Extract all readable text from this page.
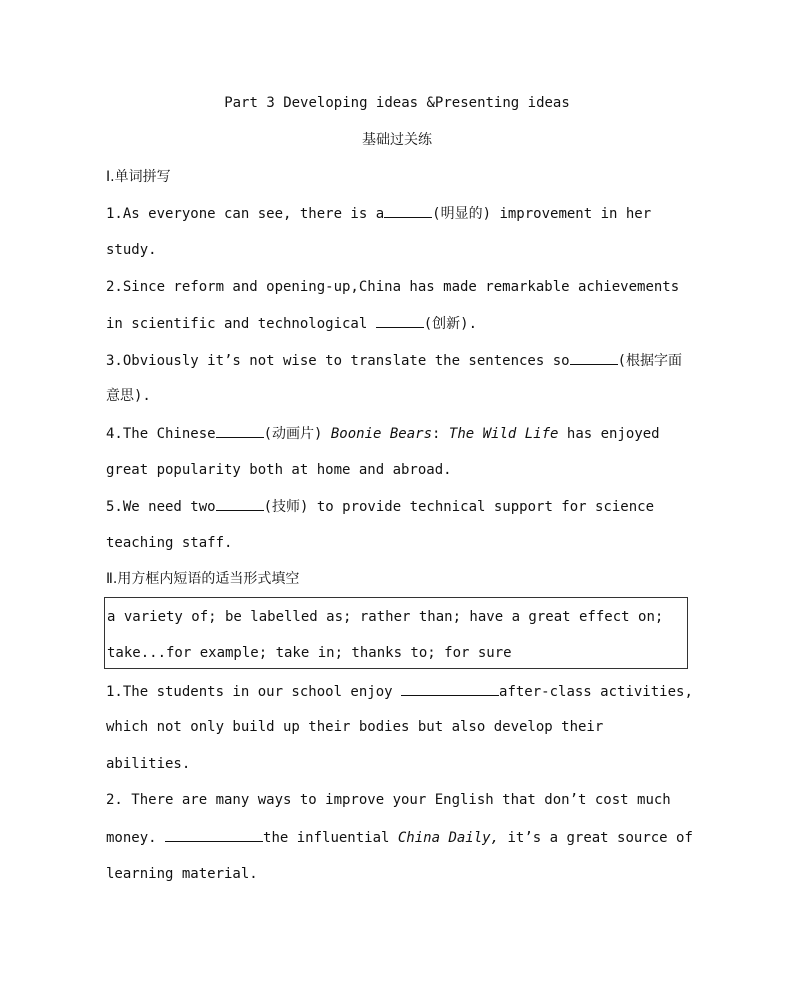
Part 3 Developing ideas &Presenting ideas
基础过关练
Ⅰ.单词拼写
1.As everyone can see, there is a	(明显的) improvement in her
study.
2.Since reform and opening-up,China has made remarkable achievements
in scientific and technological	(创新).
3.Obviously it’s not wise to translate the sentences so	(根据字面
意思).
4.The Chinese	(动画片) Boonie Bears: The Wild Life has enjoyed
great popularity both at home and abroad.
5.We need two	(技师) to provide technical support for science
teaching staff.
Ⅱ.用方框内短语的适当形式填空
a variety of; be labelled as; rather than; have a great effect on;
take...for example; take in; thanks to; for sure
1.The students in our school enjoy	after-class activities,
which not only build up their bodies but also develop their
abilities.
2. There are many ways to improve your English that don’t cost much
money.	the influential China Daily, it’s a great source of
learning material.
